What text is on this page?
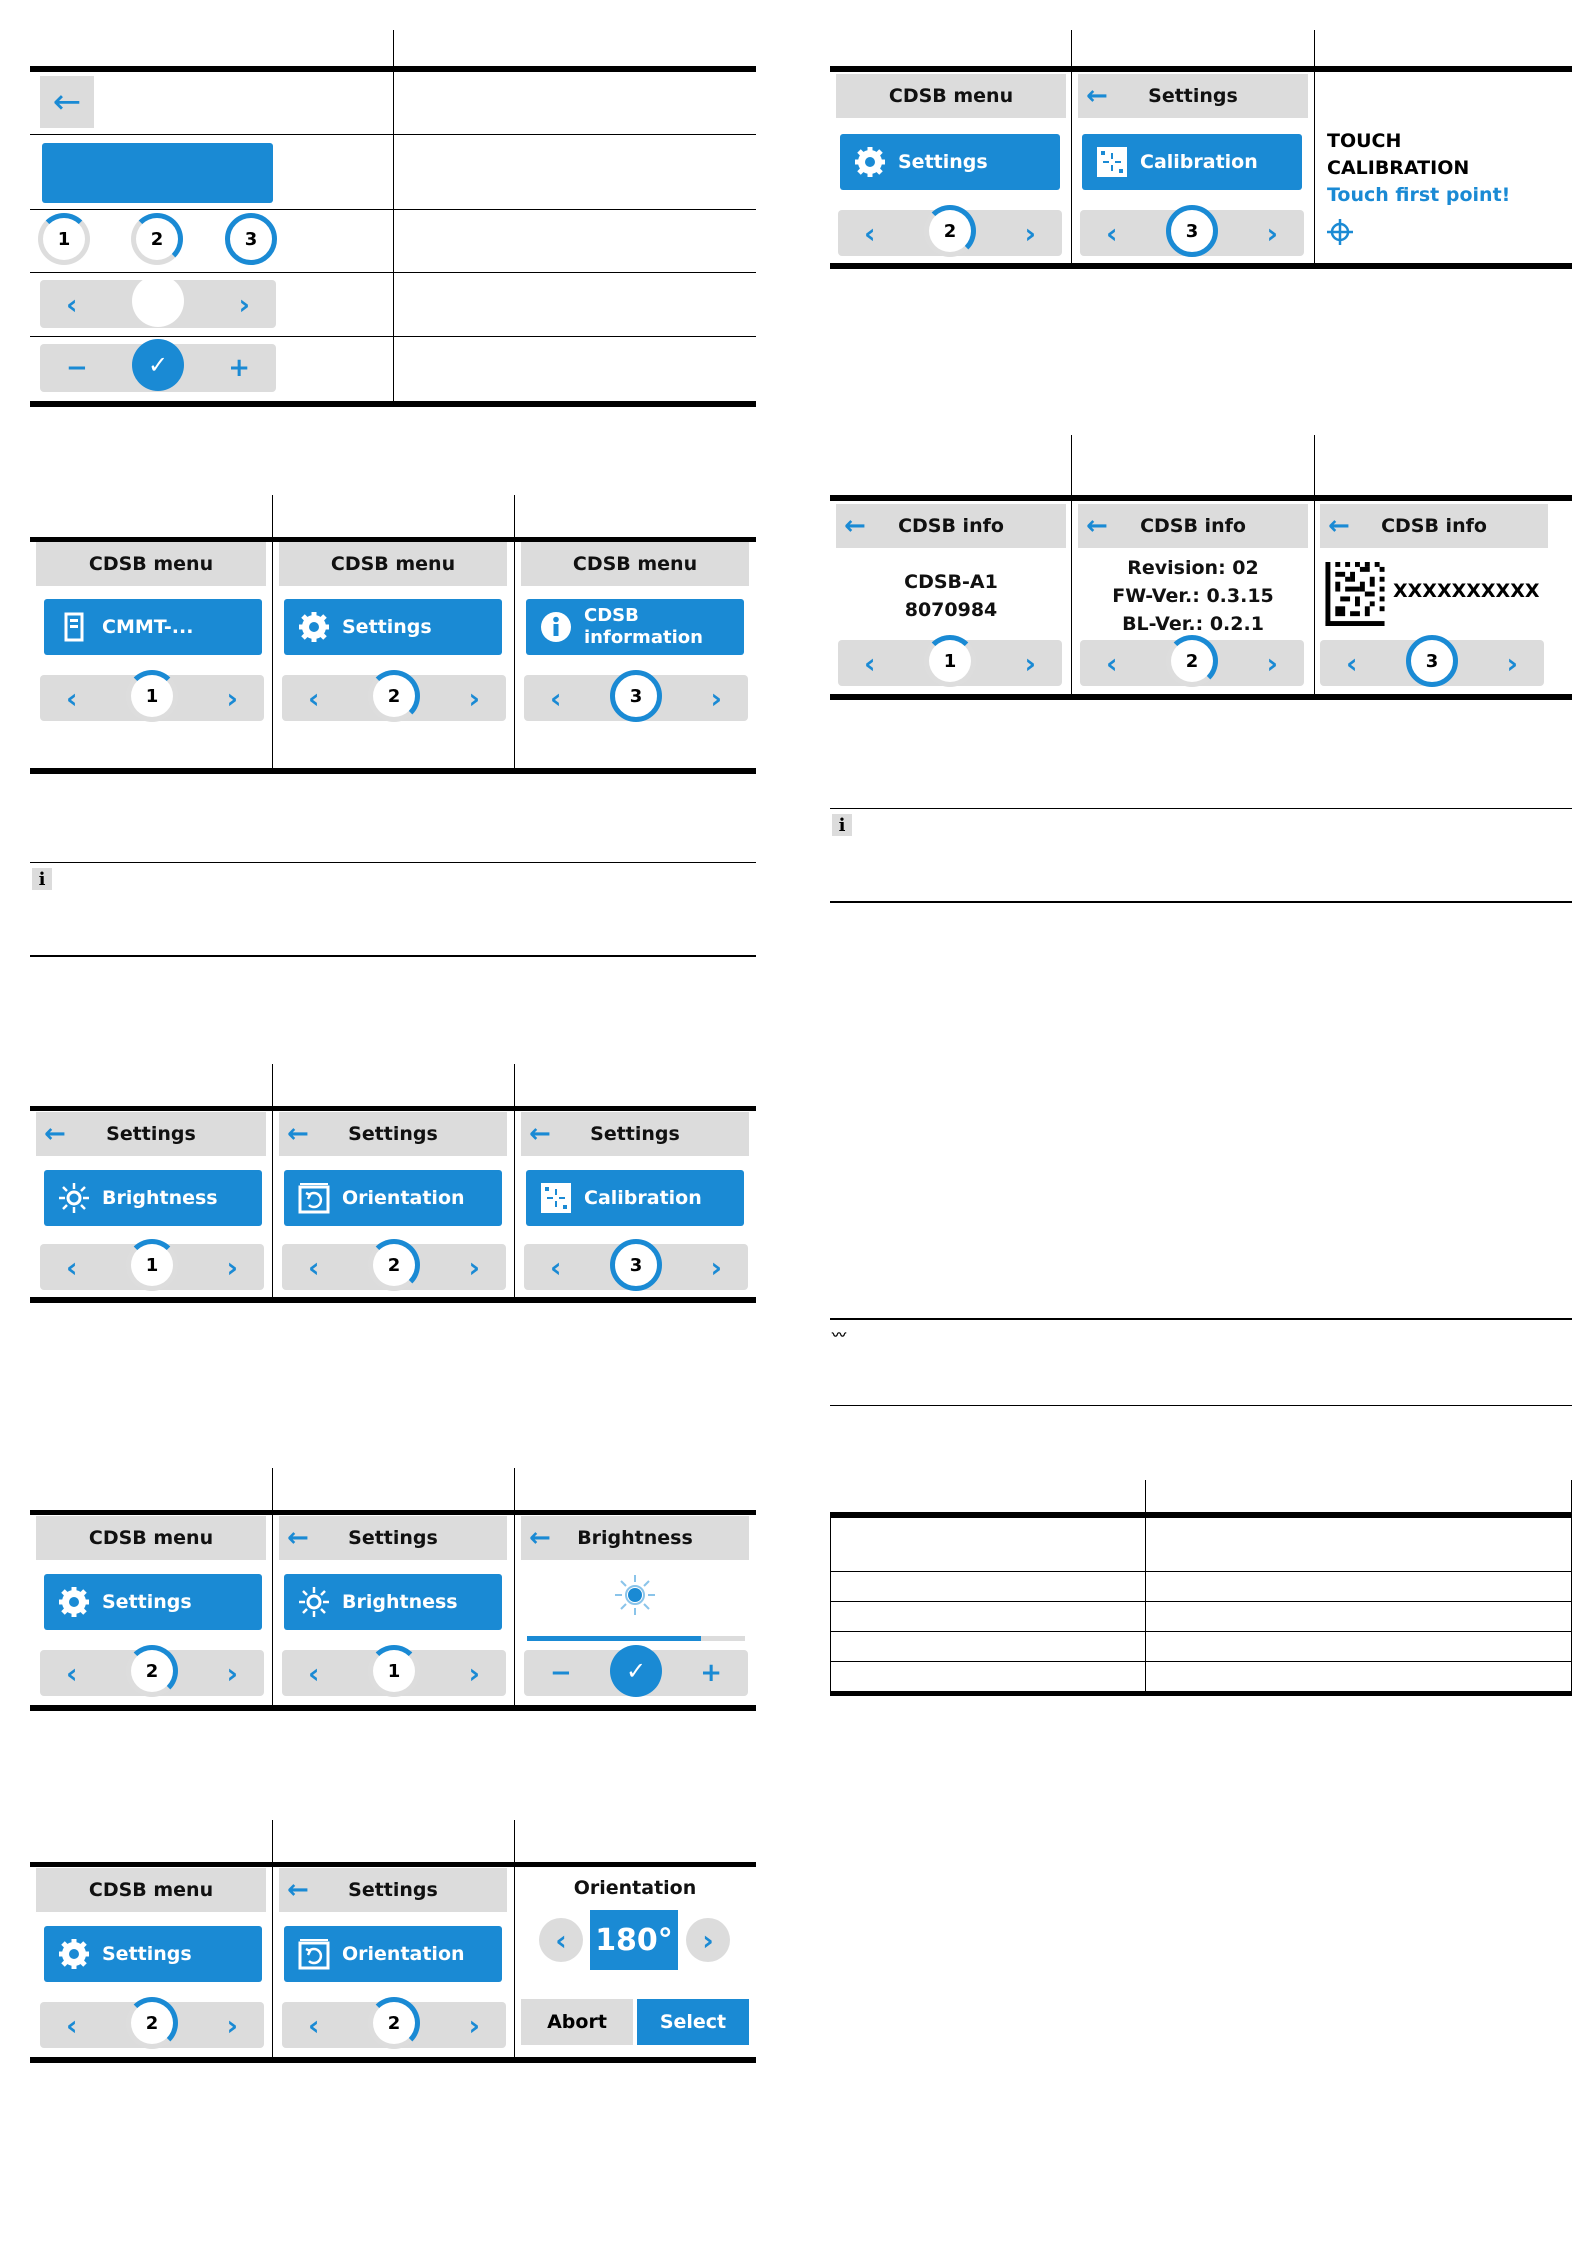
←
1	2	3
‹	›
−	✓	+
CDSB menu
CMMT-...
‹	1	›
CDSB menu
Settings
‹	2	›
CDSB menu
CDSB
information
‹	3	›
i
← Settings
Brightness
‹	1	›
← Settings
Orientation
‹	2	›
← Settings
Calibration
‹	3	›
CDSB menu
Settings
‹	2	›
← Settings
Brightness
‹	1	›
← Brightness
−	✓	+
CDSB menu
Settings
‹	2	›
← Settings
Orientation
‹	2	›
Orientation
‹ 180°	›
Abort	Select
CDSB menu
Settings
‹	2	›
← Settings
Calibration
‹	3	›
TOUCH
CALIBRATION
Touch first point!
← CDSB info
CDSB-A1
8070984
‹	1	›
← CDSB info
Revision: 02
FW-Ver.: 0.3.15
BL-Ver.: 0.2.1
‹	2	›
← CDSB info
XXXXXXXXXX
‹	3	›
i
〰
